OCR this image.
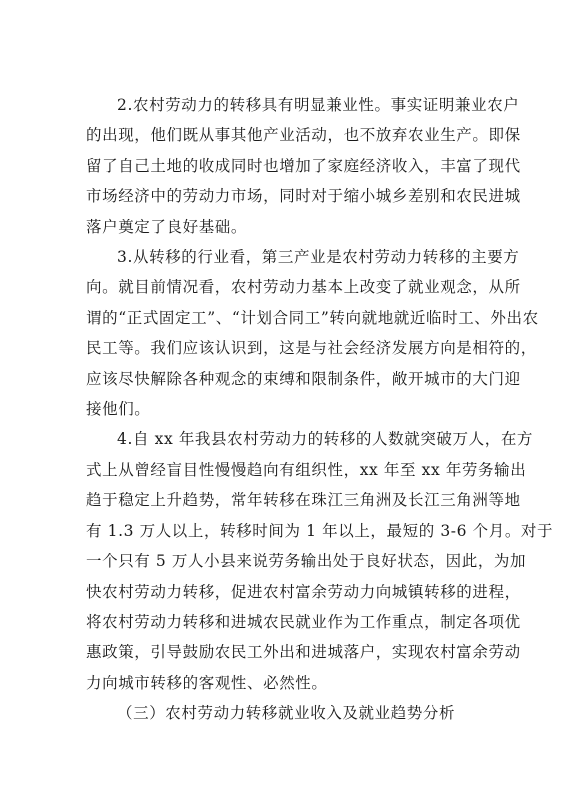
2.农村劳动力的转移具有明显兼业性。事实证明兼业农户
的出现，他们既从事其他产业活动，也不放弃农业生产。即保
留了自己土地的收成同时也增加了家庭经济收入，丰富了现代
市场经济中的劳动力市场，同时对于缩小城乡差别和农民进城
落户奠定了良好基础。

3.从转移的行业看，第三产业是农村劳动力转移的主要方
向。就目前情况看，农村劳动力基本上改变了就业观念，从所
谓的“正式固定工”、“计划合同工”转向就地就近临时工、外出农
民工等。我们应该认识到，这是与社会经济发展方向是相符的，
应该尽快解除各种观念的束缚和限制条件，敞开城市的大门迎
接他们。

4.自 xx 年我县农村劳动力的转移的人数就突破万人，在方
式上从曾经盲目性慢慢趋向有组织性，xx 年至 xx 年劳务输出
趋于稳定上升趋势，常年转移在珠江三角洲及长江三角洲等地
有 1.3 万人以上，转移时间为 1 年以上，最短的 3-6 个月。对于
一个只有 5 万人小县来说劳务输出处于良好状态，因此，为加
快农村劳动力转移，促进农村富余劳动力向城镇转移的进程，
将农村劳动力转移和进城农民就业作为工作重点，制定各项优
惠政策，引导鼓励农民工外出和进城落户，实现农村富余劳动
力向城市转移的客观性、必然性。

（三）农村劳动力转移就业收入及就业趋势分析
